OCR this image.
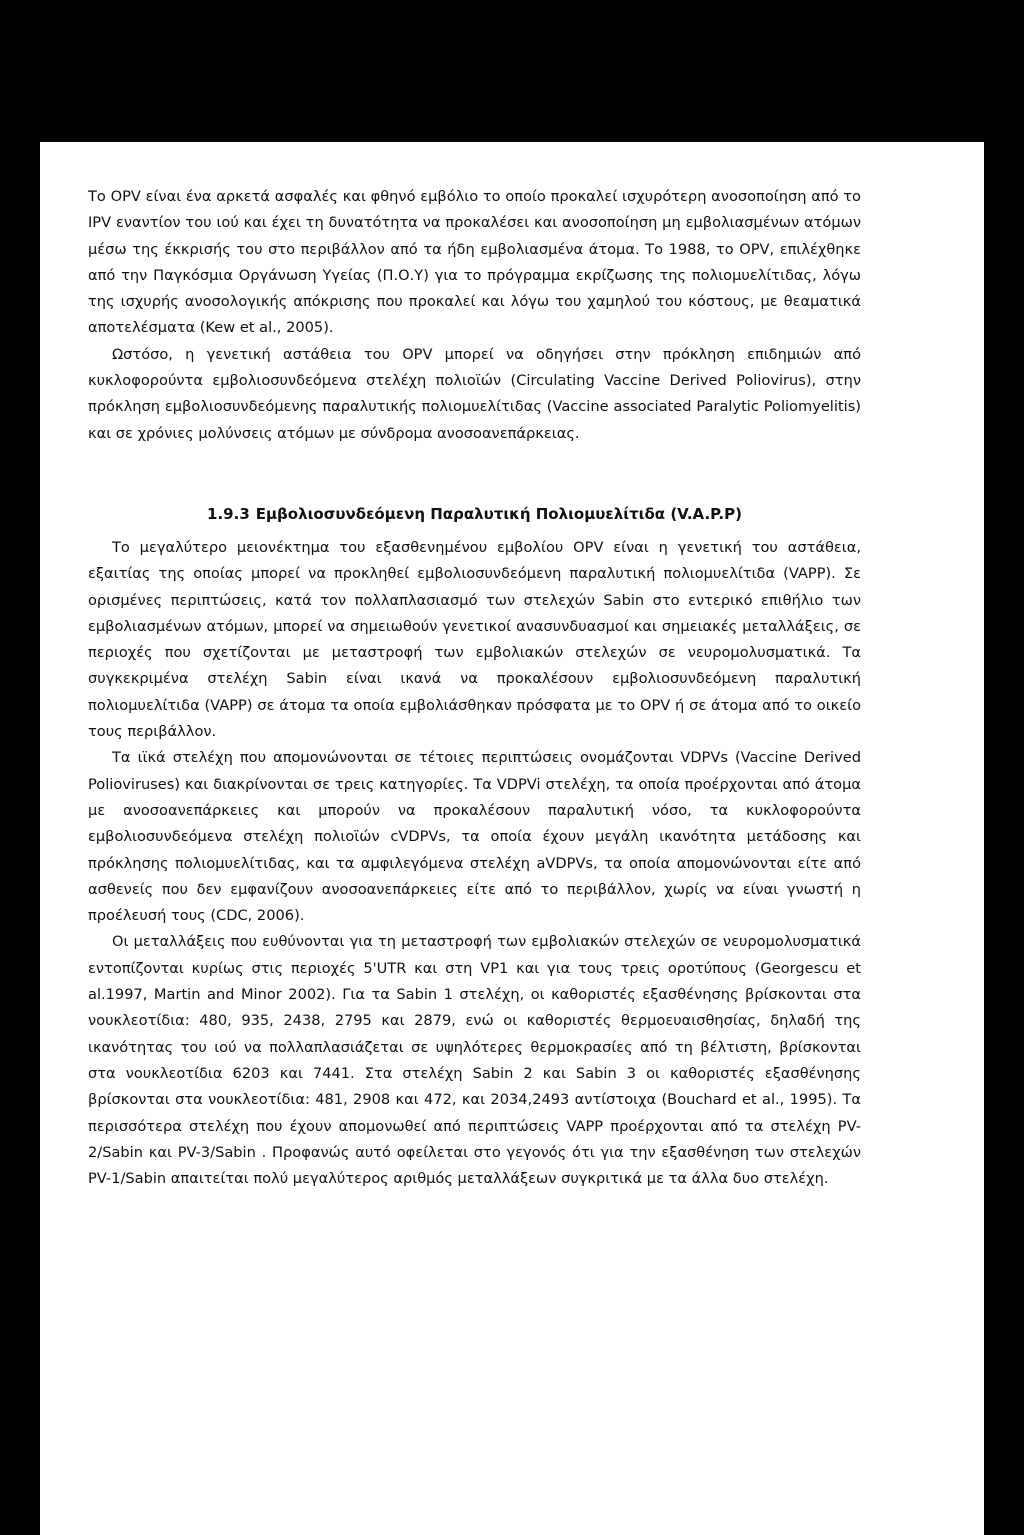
Το OPV είναι ένα αρκετά ασφαλές και φθηνό εμβόλιο το οποίο προκαλεί ισχυρότερη ανοσοποίηση από το IPV εναντίον του ιού και έχει τη δυνατότητα να προκαλέσει και ανοσοποίηση μη εμβολιασμένων ατόμων μέσω της έκκρισής του στο περιβάλλον από τα ήδη εμβολιασμένα άτομα. Το 1988, το OPV, επιλέχθηκε από την Παγκόσμια Οργάνωση Υγείας (Π.Ο.Υ) για το πρόγραμμα εκρίζωσης της πολιομυελίτιδας, λόγω της ισχυρής ανοσολογικής απόκρισης που προκαλεί και λόγω του χαμηλού του κόστους, με θεαματικά αποτελέσματα (Kew et al., 2005).

Ωστόσο, η γενετική αστάθεια του OPV μπορεί να οδηγήσει στην πρόκληση επιδημιών από κυκλοφορούντα εμβολιοσυνδεόμενα στελέχη πολιοϊών (Circulating Vaccine Derived Poliovirus), στην πρόκληση εμβολιοσυνδεόμενης παραλυτικής πολιομυελίτιδας (Vaccine associated Paralytic Poliomyelitis) και σε χρόνιες μολύνσεις ατόμων με σύνδρομα ανοσοανεπάρκειας.

1.9.3 Εμβολιοσυνδεόμενη Παραλυτική Πολιομυελίτιδα (V.A.P.P)

Το μεγαλύτερο μειονέκτημα του εξασθενημένου εμβολίου OPV είναι η γενετική του αστάθεια, εξαιτίας της οποίας μπορεί να προκληθεί εμβολιοσυνδεόμενη παραλυτική πολιομυελίτιδα (VAPP). Σε ορισμένες περιπτώσεις, κατά τον πολλαπλασιασμό των στελεχών Sabin στο εντερικό επιθήλιο των εμβολιασμένων ατόμων, μπορεί να σημειωθούν γενετικοί ανασυνδυασμοί και σημειακές μεταλλάξεις, σε περιοχές που σχετίζονται με μεταστροφή των εμβολιακών στελεχών σε νευρομολυσματικά. Τα συγκεκριμένα στελέχη Sabin είναι ικανά να προκαλέσουν εμβολιοσυνδεόμενη παραλυτική πολιομυελίτιδα (VAPP) σε άτομα τα οποία εμβολιάσθηκαν πρόσφατα με το OPV ή σε άτομα από το οικείο τους περιβάλλον.

Τα ιϊκά στελέχη που απομονώνονται σε τέτοιες περιπτώσεις ονομάζονται VDPVs (Vaccine Derived Polioviruses) και διακρίνονται σε τρεις κατηγορίες. Τα VDPVi στελέχη, τα οποία προέρχονται από άτομα με ανοσοανεπάρκειες και μπορούν να προκαλέσουν παραλυτική νόσο, τα κυκλοφορούντα εμβολιοσυνδεόμενα στελέχη πολιοϊών cVDPVs, τα οποία έχουν μεγάλη ικανότητα μετάδοσης και πρόκλησης πολιομυελίτιδας, και τα αμφιλεγόμενα στελέχη aVDPVs, τα οποία απομονώνονται είτε από ασθενείς που δεν εμφανίζουν ανοσοανεπάρκειες είτε από το περιβάλλον, χωρίς να είναι γνωστή η προέλευσή τους (CDC, 2006).

Οι μεταλλάξεις που ευθύνονται για τη μεταστροφή των εμβολιακών στελεχών σε νευρομολυσματικά εντοπίζονται κυρίως στις περιοχές 5'UTR και στη VP1 και για τους τρεις οροτύπους (Georgescu et al.1997, Martin and Minor 2002). Για τα Sabin 1 στελέχη, οι καθοριστές εξασθένησης βρίσκονται στα νουκλεοτίδια: 480, 935, 2438, 2795 και 2879, ενώ οι καθοριστές θερμοευαισθησίας, δηλαδή της ικανότητας του ιού να πολλαπλασιάζεται σε υψηλότερες θερμοκρασίες από τη βέλτιστη, βρίσκονται στα νουκλεοτίδια 6203 και 7441. Στα στελέχη Sabin 2 και Sabin 3 οι καθοριστές εξασθένησης βρίσκονται στα νουκλεοτίδια: 481, 2908 και 472, και 2034,2493 αντίστοιχα (Bouchard et al., 1995). Τα περισσότερα στελέχη που έχουν απομονωθεί από περιπτώσεις VAPP προέρχονται από τα στελέχη PV-2/Sabin και PV-3/Sabin . Προφανώς αυτό οφείλεται στο γεγονός ότι για την εξασθένηση των στελεχών PV-1/Sabin απαιτείται πολύ μεγαλύτερος αριθμός μεταλλάξεων συγκριτικά με τα άλλα δυο στελέχη.
